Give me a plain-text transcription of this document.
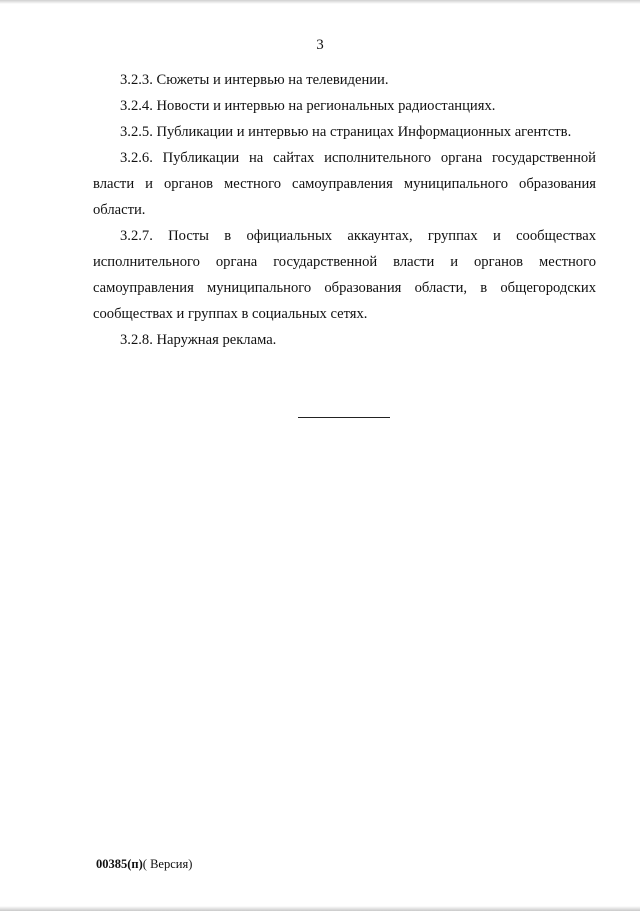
3

3.2.3. Сюжеты и интервью на телевидении.

3.2.4. Новости и интервью на региональных радиостанциях.

3.2.5. Публикации и интервью на страницах Информационных агентств.

3.2.6. Публикации на сайтах исполнительного органа государственной власти и органов местного самоуправления муниципального образования области.

3.2.7. Посты в официальных аккаунтах, группах и сообществах исполнительного органа государственной власти и органов местного самоуправления муниципального образования области, в общегородских сообществах и группах в социальных сетях.

3.2.8. Наружная реклама.

00385(п)( Версия)
